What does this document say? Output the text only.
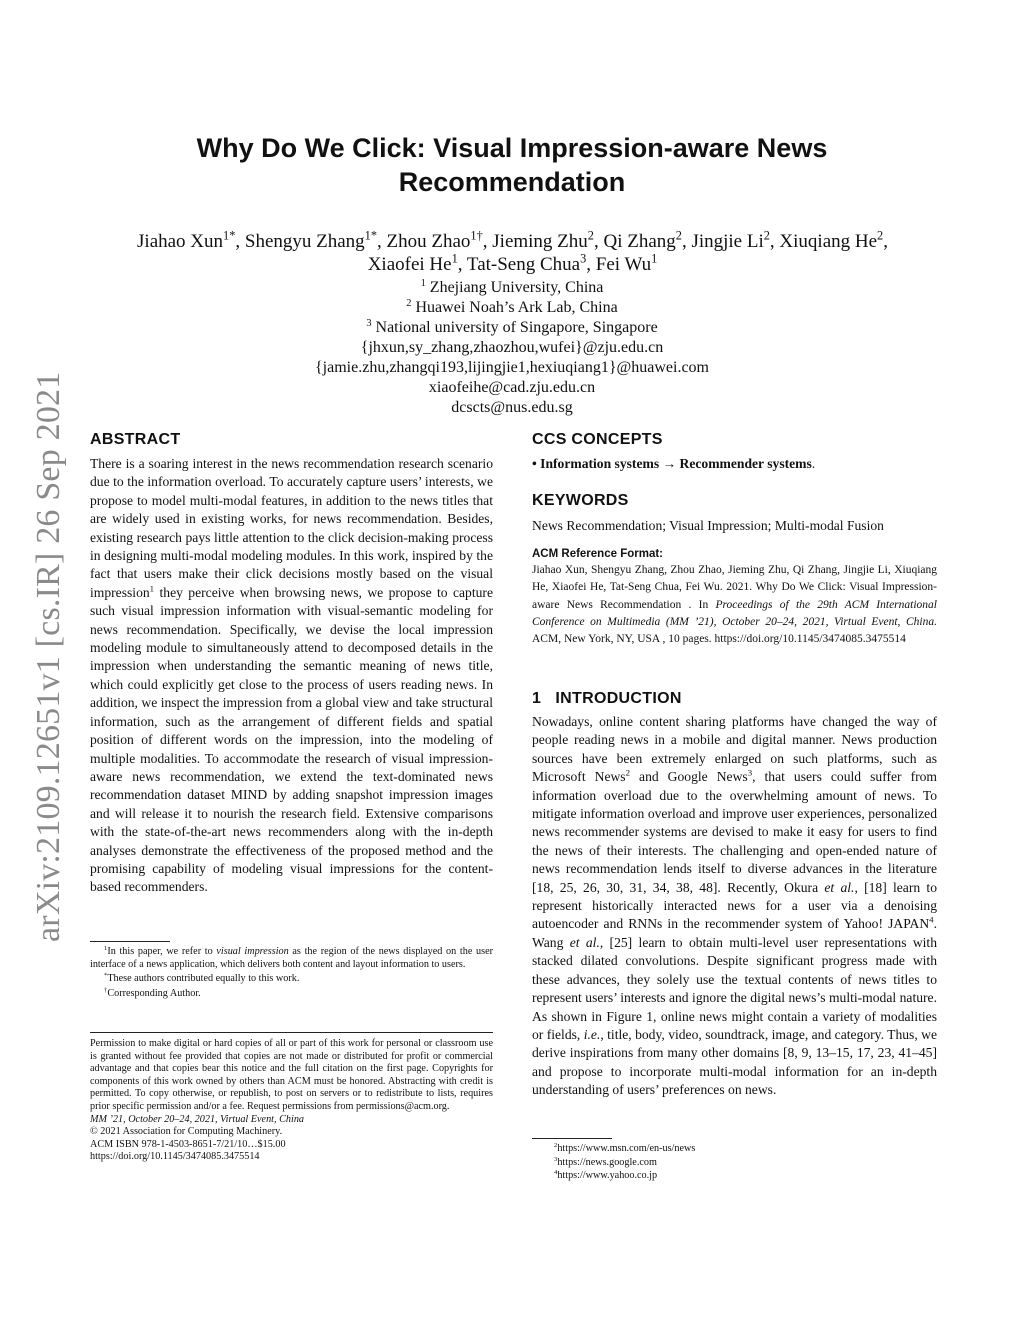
arXiv:2109.12651v1 [cs.IR] 26 Sep 2021
Why Do We Click: Visual Impression-aware News
Recommendation
Jiahao Xun$^{1*}$, Shengyu Zhang$^{1*}$, Zhou Zhao$^{1\dagger}$, Jieming Zhu$^2$, Qi Zhang$^2$, Jingjie Li$^2$, Xiuqiang He$^2$,
Xiaofei He$^1$, Tat-Seng Chua$^3$, Fei Wu$^1$
$^1$ Zhejiang University, China
$^2$ Huawei Noah’s Ark Lab, China
$^3$ National university of Singapore, Singapore
{jhxun,sy_zhang,zhaozhou,wufei}@zju.edu.cn
{jamie.zhu,zhangqi193,lijingjie1,hexiuqiang1}@huawei.com
xiaofeihe@cad.zju.edu.cn
dcscts@nus.edu.sg
ABSTRACT

There is a soaring interest in the news recommendation research scenario due to the information overload. To accurately capture users’ interests, we propose to model multi-modal features, in addition to the news titles that are widely used in existing works, for news recommendation. Besides, existing research pays little attention to the click decision-making process in designing multi-modal modeling modules. In this work, inspired by the fact that users make their click decisions mostly based on the visual impression$^1$ they perceive when browsing news, we propose to capture such visual impression information with visual-semantic modeling for news recommendation. Specifically, we devise the local impression modeling module to simultaneously attend to decomposed details in the impression when understanding the semantic meaning of news title, which could explicitly get close to the process of users reading news. In addition, we inspect the impression from a global view and take structural information, such as the arrangement of different fields and spatial position of different words on the impression, into the modeling of multiple modalities. To accommodate the research of visual impression-aware news recommendation, we extend the text-dominated news recommendation dataset MIND by adding snapshot impression images and will release it to nourish the research field. Extensive comparisons with the state-of-the-art news recommenders along with the in-depth analyses demonstrate the effectiveness of the proposed method and the promising capability of modeling visual impressions for the content-based recommenders.

$^1$In this paper, we refer to visual impression as the region of the news displayed on the user interface of a news application, which delivers both content and layout information to users.

*These authors contributed equally to this work.

†Corresponding Author.

Permission to make digital or hard copies of all or part of this work for personal or classroom use is granted without fee provided that copies are not made or distributed for profit or commercial advantage and that copies bear this notice and the full citation on the first page. Copyrights for components of this work owned by others than ACM must be honored. Abstracting with credit is permitted. To copy otherwise, or republish, to post on servers or to redistribute to lists, requires prior specific permission and/or a fee. Request permissions from permissions@acm.org.

MM ’21, October 20–24, 2021, Virtual Event, China

© 2021 Association for Computing Machinery.

ACM ISBN 978-1-4503-8651-7/21/10…$15.00

https://doi.org/10.1145/3474085.3475514

CCS CONCEPTS
• Information systems → Recommender systems.
KEYWORDS
News Recommendation; Visual Impression; Multi-modal Fusion
ACM Reference Format:

Jiahao Xun, Shengyu Zhang, Zhou Zhao, Jieming Zhu, Qi Zhang, Jingjie Li, Xiuqiang He, Xiaofei He, Tat-Seng Chua, Fei Wu. 2021. Why Do We Click: Visual Impression-aware News Recommendation . In Proceedings of the 29th ACM International Conference on Multimedia (MM ’21), October 20–24, 2021, Virtual Event, China. ACM, New York, NY, USA , 10 pages. https://doi.org/10.1145/3474085.3475514

1   INTRODUCTION

Nowadays, online content sharing platforms have changed the way of people reading news in a mobile and digital manner. News production sources have been extremely enlarged on such platforms, such as Microsoft News$^2$ and Google News$^3$, that users could suffer from information overload due to the overwhelming amount of news. To mitigate information overload and improve user experiences, personalized news recommender systems are devised to make it easy for users to find the news of their interests. The challenging and open-ended nature of news recommendation lends itself to diverse advances in the literature [18, 25, 26, 30, 31, 34, 38, 48]. Recently, Okura et al., [18] learn to represent historically interacted news for a user via a denoising autoencoder and RNNs in the recommender system of Yahoo! JAPAN$^4$. Wang et al., [25] learn to obtain multi-level user representations with stacked dilated convolutions. Despite significant progress made with these advances, they solely use the textual contents of news titles to represent users’ interests and ignore the digital news’s multi-modal nature. As shown in Figure 1, online news might contain a variety of modalities or fields, i.e., title, body, video, soundtrack, image, and category. Thus, we derive inspirations from many other domains [8, 9, 13–15, 17, 23, 41–45] and propose to incorporate multi-modal information for an in-depth understanding of users’ preferences on news.

$^2$https://www.msn.com/en-us/news

$^3$https://news.google.com

$^4$https://www.yahoo.co.jp
